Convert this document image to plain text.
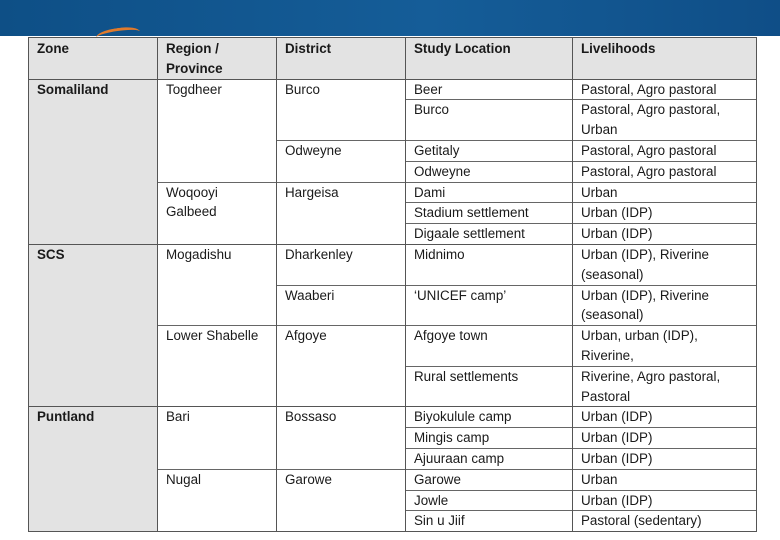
Zone	Region / Province	District	Study Location	Livelihoods
Somaliland	Togdheer	Burco	Beer	Pastoral, Agro pastoral
			Burco	Pastoral, Agro pastoral, Urban
		Odweyne	Getitaly	Pastoral, Agro pastoral
			Odweyne	Pastoral, Agro pastoral
	Woqooyi Galbeed	Hargeisa	Dami	Urban
			Stadium settlement	Urban (IDP)
			Digaale settlement	Urban (IDP)
SCS	Mogadishu	Dharkenley	Midnimo	Urban (IDP), Riverine (seasonal)
		Waaberi	‘UNICEF camp’	Urban (IDP), Riverine (seasonal)
	Lower Shabelle	Afgoye	Afgoye town	Urban, urban (IDP), Riverine,
			Rural settlements	Riverine, Agro pastoral, Pastoral
Puntland	Bari	Bossaso	Biyokulule camp	Urban (IDP)
			Mingis camp	Urban (IDP)
			Ajuuraan camp	Urban (IDP)
	Nugal	Garowe	Garowe	Urban
			Jowle	Urban (IDP)
			Sin u Jiif	Pastoral (sedentary)
